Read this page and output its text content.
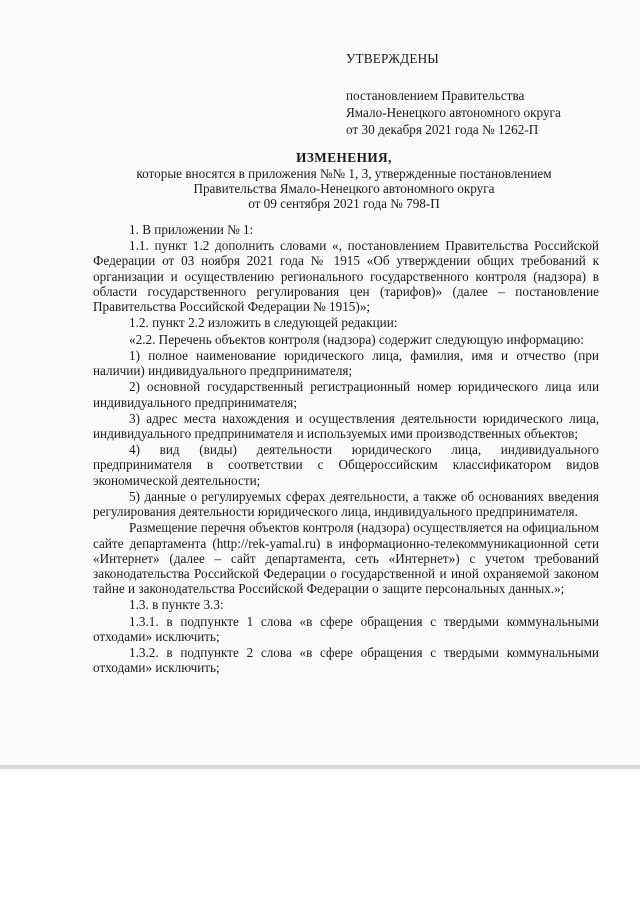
УТВЕРЖДЕНЫ
постановлением Правительства
Ямало-Ненецкого автономного округа
от 30 декабря 2021 года № 1262-П
ИЗМЕНЕНИЯ,
которые вносятся в приложения №№ 1, 3, утвержденные постановлением
Правительства Ямало-Ненецкого автономного округа
от 09 сентября 2021 года № 798-П

1. В приложении № 1:

1.1. пункт 1.2 дополнить словами «, постановлением Правительства Российской Федерации от 03 ноября 2021 года № 1915 «Об утверждении общих требований к организации и осуществлению регионального государственного контроля (надзора) в области государственного регулирования цен (тарифов)» (далее – постановление Правительства Российской Федерации № 1915)»;

1.2. пункт 2.2 изложить в следующей редакции:

«2.2. Перечень объектов контроля (надзора) содержит следующую информацию:

1) полное наименование юридического лица, фамилия, имя и отчество (при наличии) индивидуального предпринимателя;

2) основной государственный регистрационный номер юридического лица или индивидуального предпринимателя;

3) адрес места нахождения и осуществления деятельности юридического лица, индивидуального предпринимателя и используемых ими производственных объектов;

4) вид (виды) деятельности юридического лица, индивидуального предпринимателя в соответствии с Общероссийским классификатором видов экономической деятельности;

5) данные о регулируемых сферах деятельности, а также об основаниях введения регулирования деятельности юридического лица, индивидуального предпринимателя.

Размещение перечня объектов контроля (надзора) осуществляется на официальном сайте департамента (http://rek-yamal.ru) в информационно-телекоммуникационной сети «Интернет» (далее – сайт департамента, сеть «Интернет») с учетом требований законодательства Российской Федерации о государственной и иной охраняемой законом тайне и законодательства Российской Федерации о защите персональных данных.»;

1.3. в пункте 3.3:

1.3.1. в подпункте 1 слова «в сфере обращения с твердыми коммунальными отходами» исключить;

1.3.2. в подпункте 2 слова «в сфере обращения с твердыми коммунальными отходами» исключить;
